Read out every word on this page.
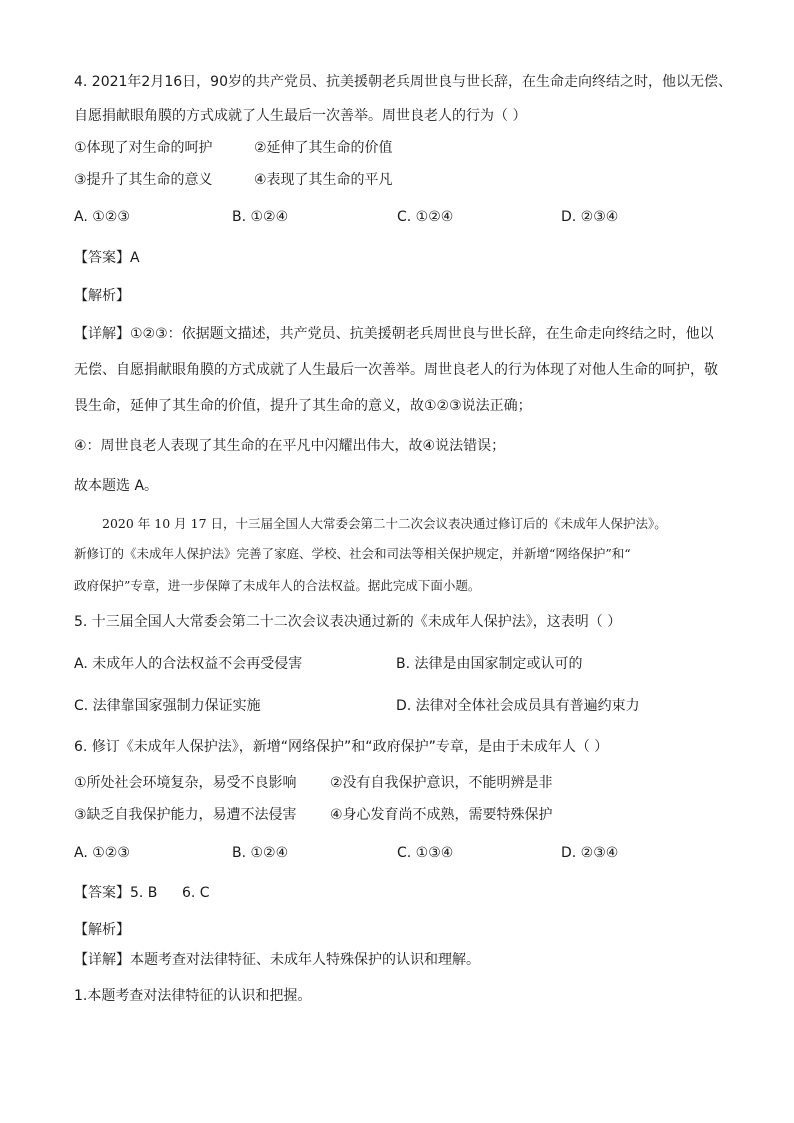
4. 2021年2月16日，90岁的共产党员、抗美援朝老兵周世良与世长辞，在生命走向终结之时，他以无偿、
自愿捐献眼角膜的方式成就了人生最后一次善举。周世良老人的行为（ ）
①体现了对生命的呵护	②延伸了其生命的价值
③提升了其生命的意义	④表现了其生命的平凡
A. ①②③	B. ①②④	C. ①②④	D. ②③④
【答案】A
【解析】
【详解】①②③：依据题文描述，共产党员、抗美援朝老兵周世良与世长辞，在生命走向终结之时，他以
无偿、自愿捐献眼角膜的方式成就了人生最后一次善举。周世良老人的行为体现了对他人生命的呵护，敬
畏生命，延伸了其生命的价值，提升了其生命的意义，故①②③说法正确；
④：周世良老人表现了其生命的在平凡中闪耀出伟大，故④说法错误；
故本题选 A。
2020 年 10 月 17 日，十三届全国人大常委会第二十二次会议表决通过修订后的《未成年人保护法》。
新修订的《未成年人保护法》完善了家庭、学校、社会和司法等相关保护规定，并新增“网络保护”和“
政府保护”专章，进一步保障了未成年人的合法权益。据此完成下面小题。
5. 十三届全国人大常委会第二十二次会议表决通过新的《未成年人保护法》，这表明（ ）
A. 未成年人的合法权益不会再受侵害	B. 法律是由国家制定或认可的
C. 法律靠国家强制力保证实施	D. 法律对全体社会成员具有普遍约束力
6. 修订《未成年人保护法》，新增“网络保护”和“政府保护”专章，是由于未成年人（ ）
①所处社会环境复杂，易受不良影响 ②没有自我保护意识，不能明辨是非
③缺乏自我保护能力，易遭不法侵害 ④身心发育尚不成熟，需要特殊保护
A. ①②③	B. ①②④	C. ①③④	D. ②③④
【答案】5. B 6. C
【解析】
【详解】本题考查对法律特征、未成年人特殊保护的认识和理解。
1.本题考查对法律特征的认识和把握。
